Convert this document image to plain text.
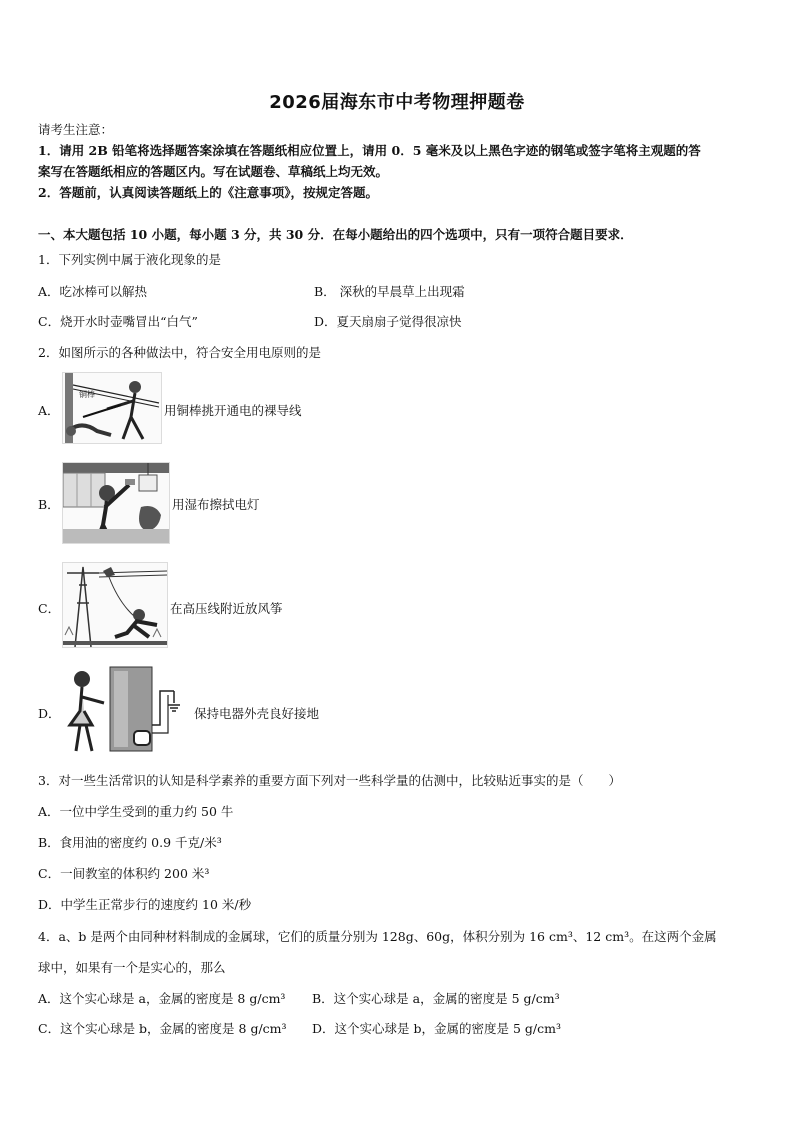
2026届海东市中考物理押题卷
请考生注意：
1．请用 2B 铅笔将选择题答案涂填在答题纸相应位置上，请用 0．5 毫米及以上黑色字迹的钢笔或签字笔将主观题的答
案写在答题纸相应的答题区内。写在试题卷、草稿纸上均无效。
2．答题前，认真阅读答题纸上的《注意事项》，按规定答题。
一、本大题包括 10 小题，每小题 3 分，共 30 分．在每小题给出的四个选项中，只有一项符合题目要求．
1．下列实例中属于液化现象的是
A．吃冰棒可以解热	B． 深秋的早晨草上出现霜
C．烧开水时壶嘴冒出“白气”	D．夏天扇扇子觉得很凉快
2．如图所示的各种做法中，符合安全用电原则的是
A．
铜棒
用铜棒挑开通电的裸导线
B．	用湿布擦拭电灯
C．	在高压线附近放风筝
D．	保持电器外壳良好接地
3．对一些生活常识的认知是科学素养的重要方面下列对一些科学量的估测中，比较贴近事实的是（　　）
A．一位中学生受到的重力约 50 牛
B．食用油的密度约 0.9 千克/米³
C．一间教室的体积约 200 米³
D．中学生正常步行的速度约 10 米/秒
4．a、b 是两个由同种材料制成的金属球，它们的质量分别为 128g、60g，体积分别为 16 cm³、12 cm³。在这两个金属
球中，如果有一个是实心的，那么
A．这个实心球是 a，金属的密度是 8 g/cm³ B．这个实心球是 a，金属的密度是 5 g/cm³
C．这个实心球是 b，金属的密度是 8 g/cm³ D．这个实心球是 b，金属的密度是 5 g/cm³
